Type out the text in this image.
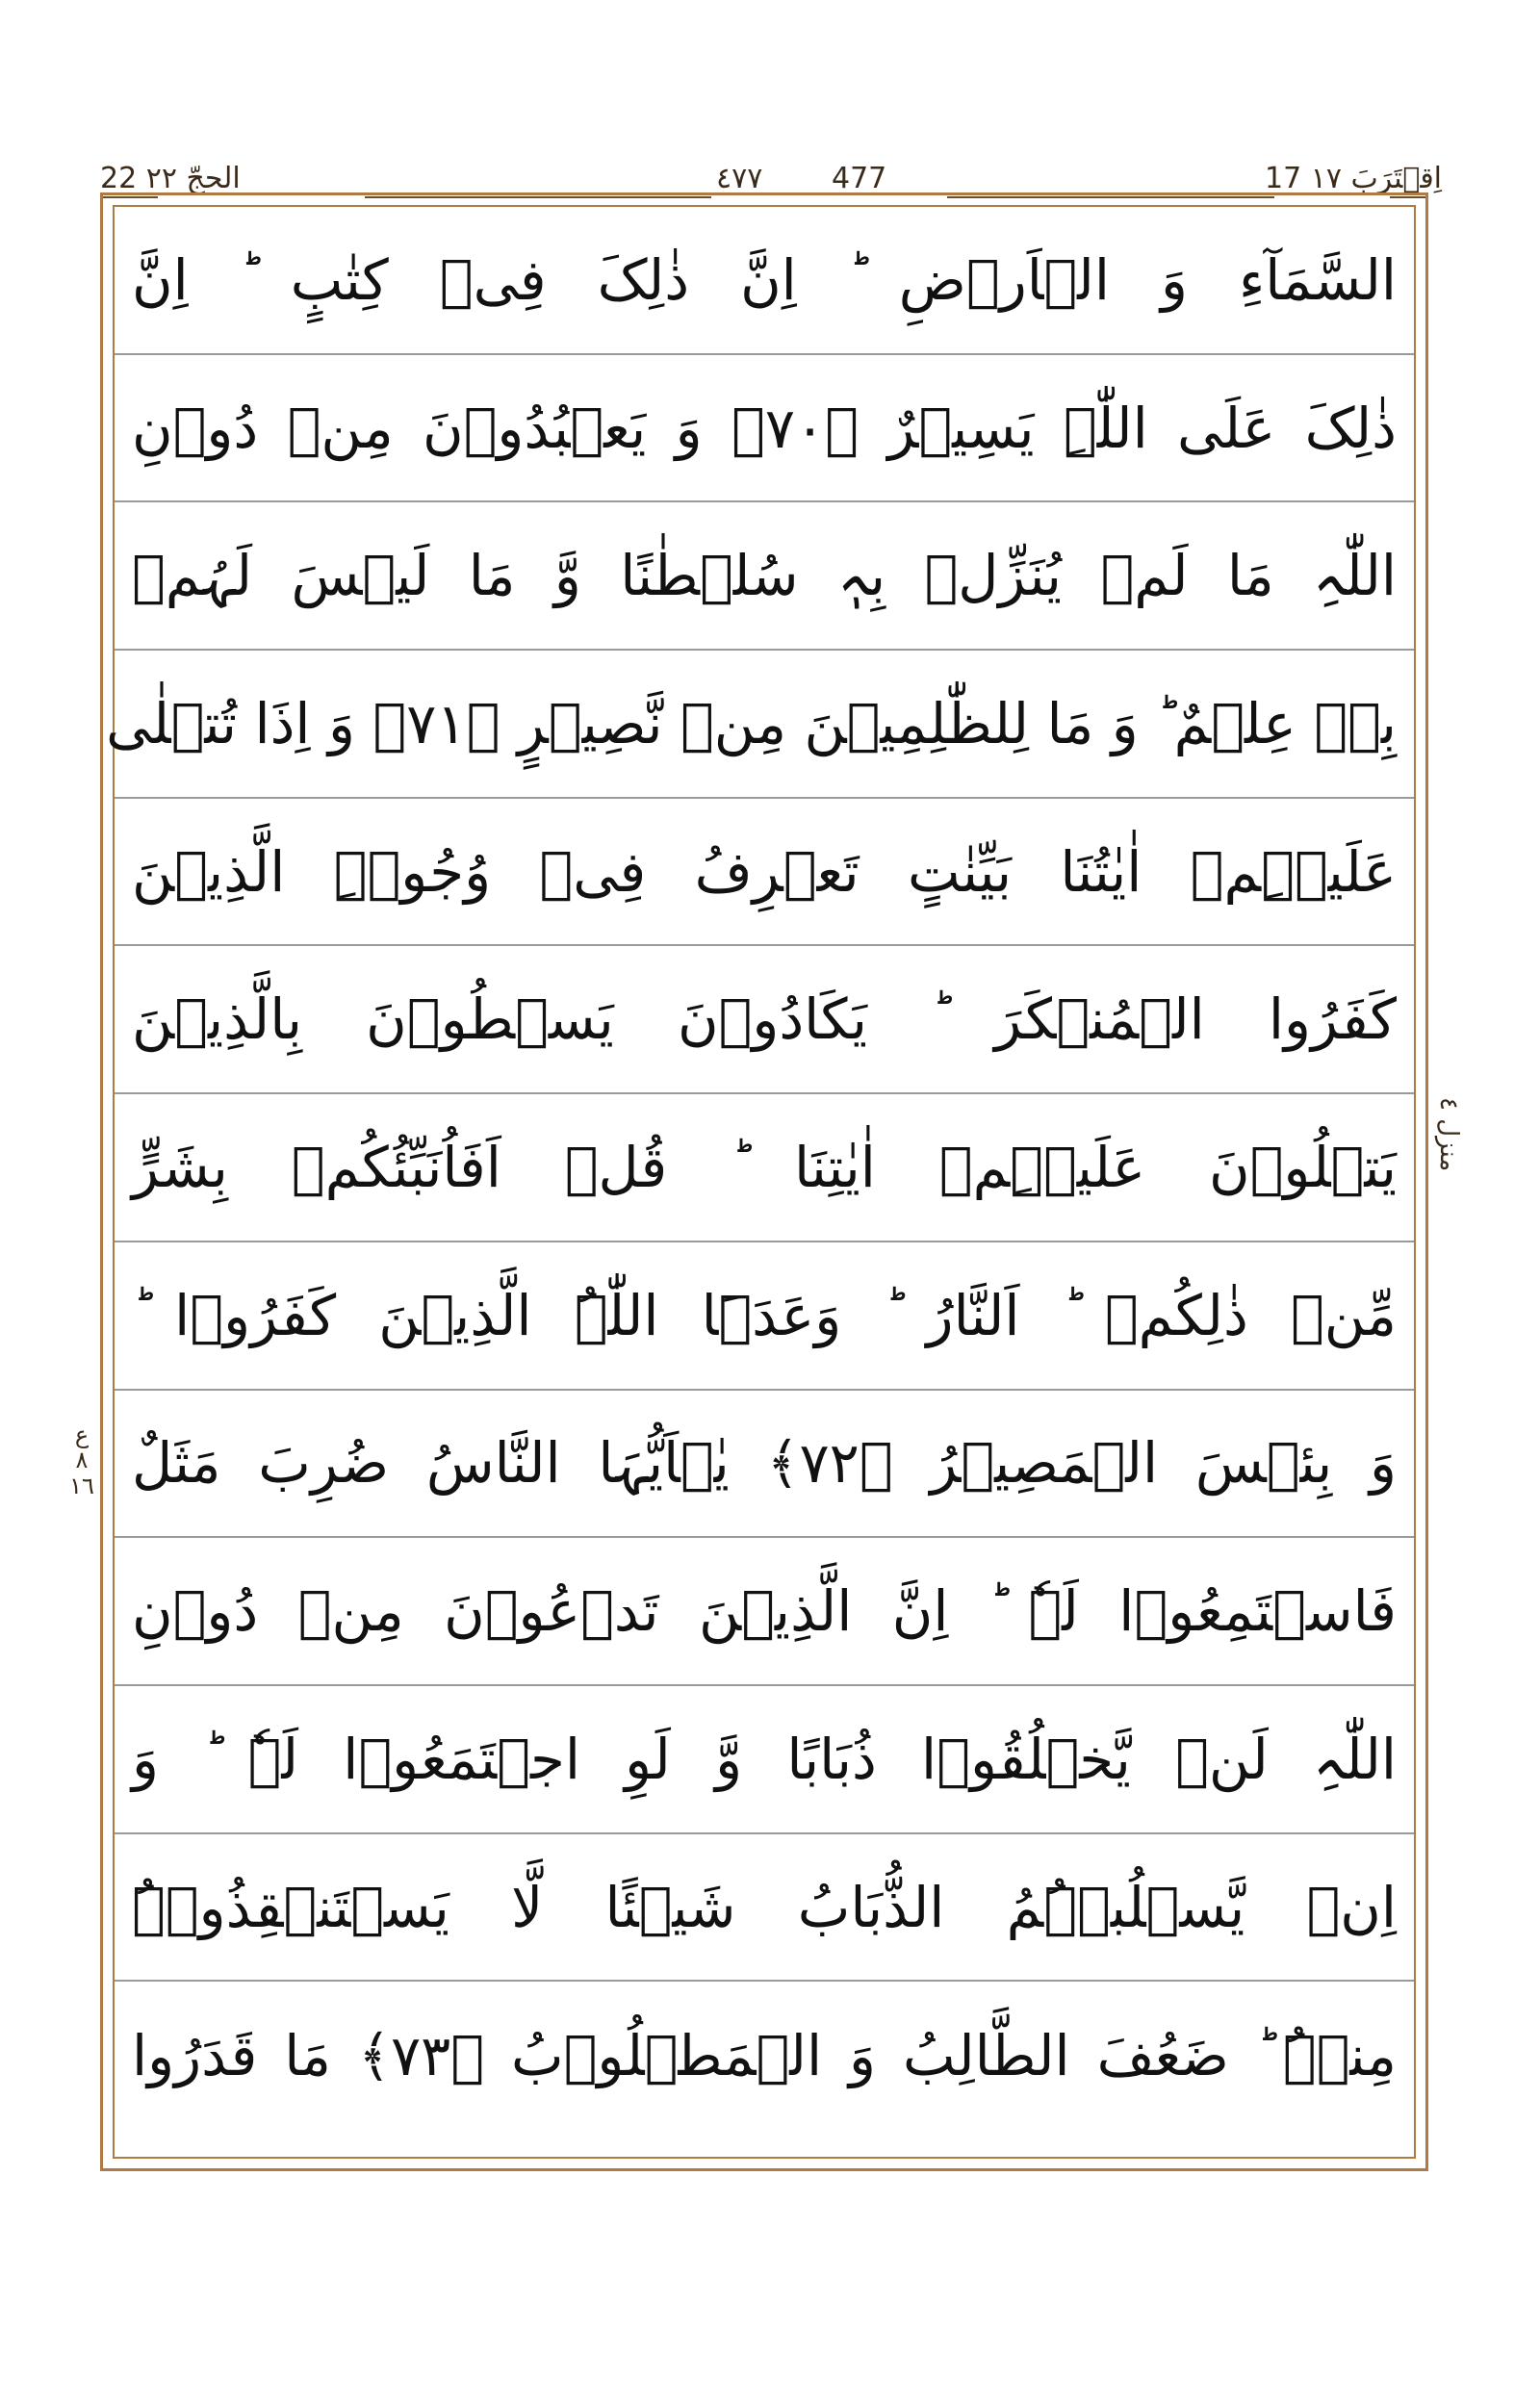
22 الحجّ ٢٢	٤٧٧ 477	17 اِقۡتَرَبَ ١٧
السَّمَآءِ وَ الۡاَرۡضِ ؕ اِنَّ ذٰلِکَ فِیۡ کِتٰبٍ ؕ اِنَّ
ذٰلِکَ عَلَی اللّٰہِ یَسِیۡرٌ ﴿۷۰﴾ وَ یَعۡبُدُوۡنَ مِنۡ دُوۡنِ
اللّٰہِ مَا لَمۡ یُنَزِّلۡ بِہٖ سُلۡطٰنًا وَّ مَا لَیۡسَ لَہُمۡ
بِہٖ عِلۡمٌ ؕ وَ مَا لِلظّٰلِمِیۡنَ مِنۡ نَّصِیۡرٍ ﴿۷۱﴾ وَ اِذَا تُتۡلٰی
عَلَیۡہِمۡ اٰیٰتُنَا بَیِّنٰتٍ تَعۡرِفُ فِیۡ وُجُوۡہِ الَّذِیۡنَ
کَفَرُوا الۡمُنۡکَرَ ؕ یَکَادُوۡنَ یَسۡطُوۡنَ بِالَّذِیۡنَ
یَتۡلُوۡنَ عَلَیۡہِمۡ اٰیٰتِنَا ؕ قُلۡ اَفَاُنَبِّئُکُمۡ بِشَرٍّ
مِّنۡ ذٰلِکُمۡ ؕ اَلنَّارُ ؕ وَعَدَہَا اللّٰہُ الَّذِیۡنَ کَفَرُوۡا ؕ
وَ بِئۡسَ الۡمَصِیۡرُ ﴿۷۲﴾ یٰۤاَیُّہَا النَّاسُ ضُرِبَ مَثَلٌ
فَاسۡتَمِعُوۡا لَہٗ ؕ اِنَّ الَّذِیۡنَ تَدۡعُوۡنَ مِنۡ دُوۡنِ
اللّٰہِ لَنۡ یَّخۡلُقُوۡا ذُبَابًا وَّ لَوِ اجۡتَمَعُوۡا لَہٗ ؕ وَ
اِنۡ یَّسۡلُبۡہُمُ الذُّبَابُ شَیۡئًا لَّا یَسۡتَنۡقِذُوۡہُ
مِنۡہُ ؕ ضَعُفَ الطَّالِبُ وَ الۡمَطۡلُوۡبُ ﴿۷۳﴾ مَا قَدَرُوا
منزل ٤
ع ٨ ١٦
